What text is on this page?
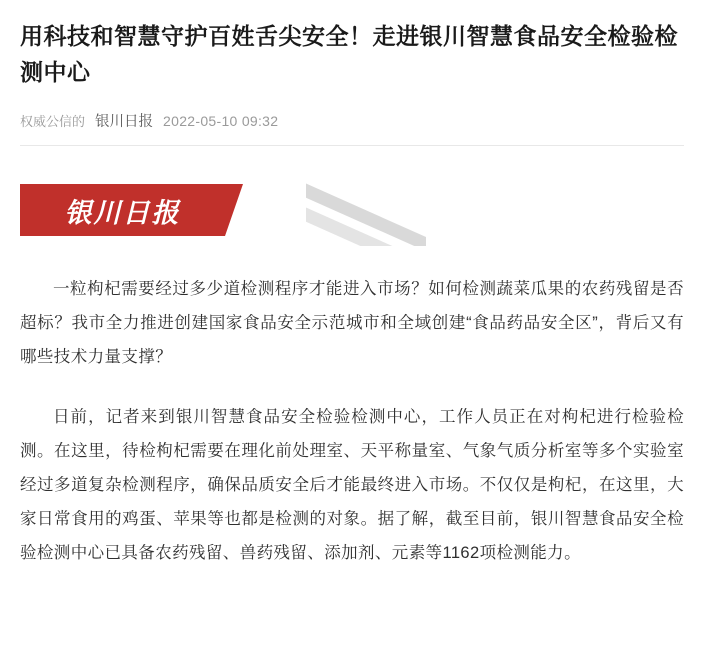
用科技和智慧守护百姓舌尖安全！走进银川智慧食品安全检验检测中心
权威公信的 银川日报 2022-05-10 09:32
银川日报

一粒枸杞需要经过多少道检测程序才能进入市场？如何检测蔬菜瓜果的农药残留是否超标？我市全力推进创建国家食品安全示范城市和全域创建“食品药品安全区”，背后又有哪些技术力量支撑？

日前，记者来到银川智慧食品安全检验检测中心，工作人员正在对枸杞进行检验检测。在这里，待检枸杞需要在理化前处理室、天平称量室、气象气质分析室等多个实验室经过多道复杂检测程序，确保品质安全后才能最终进入市场。不仅仅是枸杞，在这里，大家日常食用的鸡蛋、苹果等也都是检测的对象。据了解，截至目前，银川智慧食品安全检验检测中心已具备农药残留、兽药残留、添加剂、元素等1162项检测能力。
